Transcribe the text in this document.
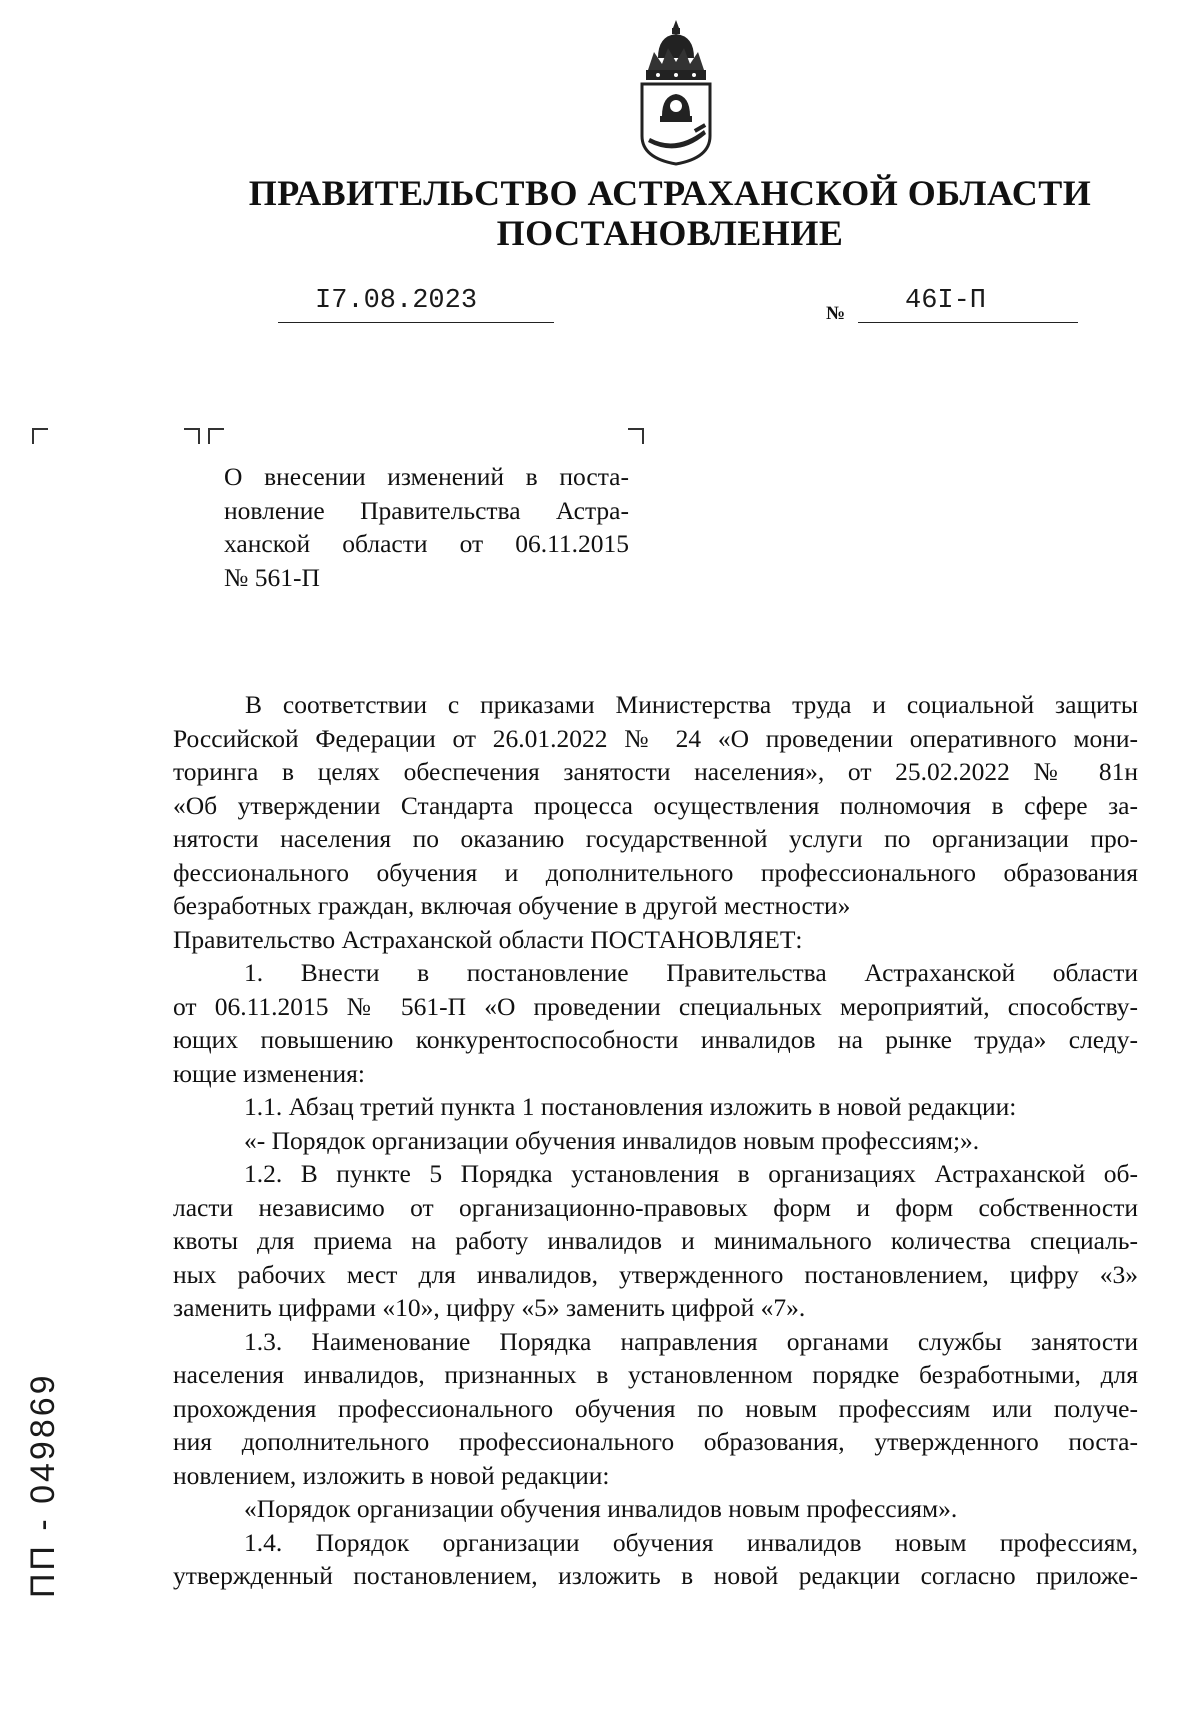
ПРАВИТЕЛЬСТВО АСТРАХАНСКОЙ ОБЛАСТИ
ПОСТАНОВЛЕНИЕ
I7.08.2023	№ 46I-П
О внесении изменений в поста-
новление Правительства Астра-
ханской области от 06.11.2015
№ 561-П
В соответствии с приказами Министерства труда и социальной защиты
Российской Федерации от 26.01.2022 № 24 «О проведении оперативного мони-
торинга в целях обеспечения занятости населения», от 25.02.2022 № 81н
«Об утверждении Стандарта процесса осуществления полномочия в сфере за-
нятости населения по оказанию государственной услуги по организации про-
фессионального обучения и дополнительного профессионального образования
безработных граждан, включая обучение в другой местности»
Правительство Астраханской области ПОСТАНОВЛЯЕТ:
1. Внести в постановление Правительства Астраханской области
от 06.11.2015 № 561-П «О проведении специальных мероприятий, способству-
ющих повышению конкурентоспособности инвалидов на рынке труда» следу-
ющие изменения:
1.1. Абзац третий пункта 1 постановления изложить в новой редакции:
«- Порядок организации обучения инвалидов новым профессиям;».
1.2. В пункте 5 Порядка установления в организациях Астраханской об-
ласти независимо от организационно-правовых форм и форм собственности
квоты для приема на работу инвалидов и минимального количества специаль-
ных рабочих мест для инвалидов, утвержденного постановлением, цифру «3»
заменить цифрами «10», цифру «5» заменить цифрой «7».
1.3. Наименование Порядка направления органами службы занятости
населения инвалидов, признанных в установленном порядке безработными, для
прохождения профессионального обучения по новым профессиям или получе-
ния дополнительного профессионального образования, утвержденного поста-
новлением, изложить в новой редакции:
«Порядок организации обучения инвалидов новым профессиям».
1.4. Порядок организации обучения инвалидов новым профессиям,
утвержденный постановлением, изложить в новой редакции согласно приложе-
ПП - 049869
